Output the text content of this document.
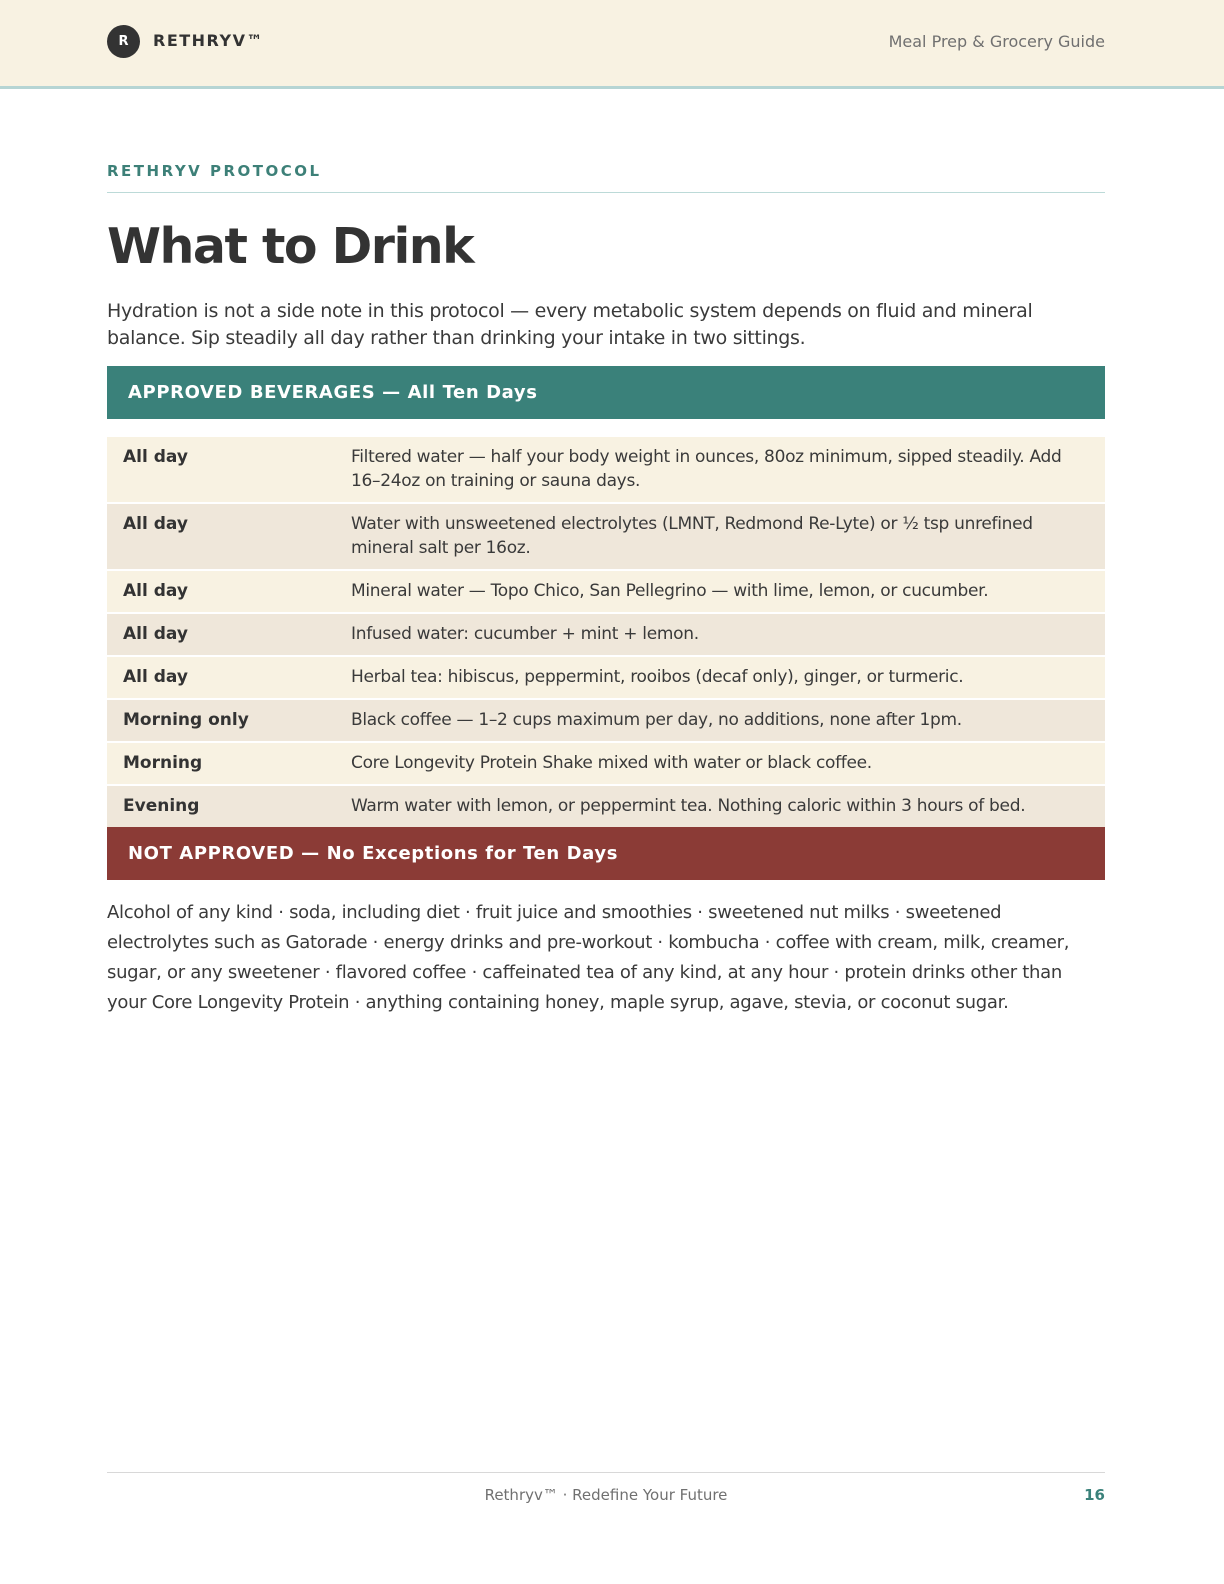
R	RETHRYV™	Meal Prep & Grocery Guide
RETHRYV PROTOCOL
What to Drink

Hydration is not a side note in this protocol — every metabolic system depends on fluid and mineral balance. Sip steadily all day rather than drinking your intake in two sittings.

APPROVED BEVERAGES — All Ten Days
All day	Filtered water — half your body weight in ounces, 80oz minimum, sipped steadily. Add 16–24oz on training or sauna days.
All day	Water with unsweetened electrolytes (LMNT, Redmond Re-Lyte) or ½ tsp unrefined mineral salt per 16oz.
All day	Mineral water — Topo Chico, San Pellegrino — with lime, lemon, or cucumber.
All day	Infused water: cucumber + mint + lemon.
All day	Herbal tea: hibiscus, peppermint, rooibos (decaf only), ginger, or turmeric.
Morning only	Black coffee — 1–2 cups maximum per day, no additions, none after 1pm.
Morning	Core Longevity Protein Shake mixed with water or black coffee.
Evening	Warm water with lemon, or peppermint tea. Nothing caloric within 3 hours of bed.
NOT APPROVED — No Exceptions for Ten Days

Alcohol of any kind · soda, including diet · fruit juice and smoothies · sweetened nut milks · sweetened electrolytes such as Gatorade · energy drinks and pre-workout · kombucha · coffee with cream, milk, creamer, sugar, or any sweetener · flavored coffee · caffeinated tea of any kind, at any hour · protein drinks other than your Core Longevity Protein · anything containing honey, maple syrup, agave, stevia, or coconut sugar.

Rethryv™ · Redefine Your Future	16
